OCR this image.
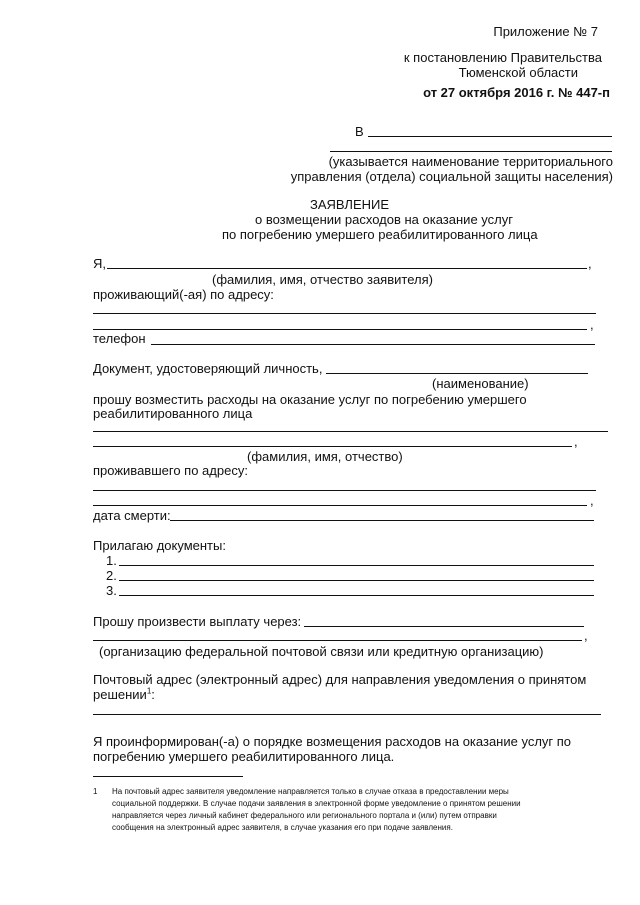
Приложение № 7
к постановлению Правительства
Тюменской области
от 27 октября 2016 г. № 447-п
В
(указывается наименование территориального
управления (отдела) социальной защиты населения)
ЗАЯВЛЕНИЕ
о возмещении расходов на оказание услуг
по погребению умершего реабилитированного лица
Я,	,
(фамилия, имя, отчество заявителя)
проживающий(-ая) по адресу:
,
телефон
Документ, удостоверяющий личность,
(наименование)
прошу возместить расходы на оказание услуг по погребению умершего
реабилитированного лица
,
(фамилия, имя, отчество)
проживавшего по адресу:
,
дата смерти:
Прилагаю документы:
1.
2.
3.
Прошу произвести выплату через:
,
(организацию федеральной почтовой связи или кредитную организацию)
Почтовый адрес (электронный адрес) для направления уведомления о принятом
решении$^1$:
Я проинформирован(-а) о порядке возмещения расходов на оказание услуг по
погребению умершего реабилитированного лица.
1 На почтовый адрес заявителя уведомление направляется только в случае отказа в предоставлении меры
социальной поддержки. В случае подачи заявления в электронной форме уведомление о принятом решении
направляется через личный кабинет федерального или регионального портала и (или) путем отправки
сообщения на электронный адрес заявителя, в случае указания его при подаче заявления.
